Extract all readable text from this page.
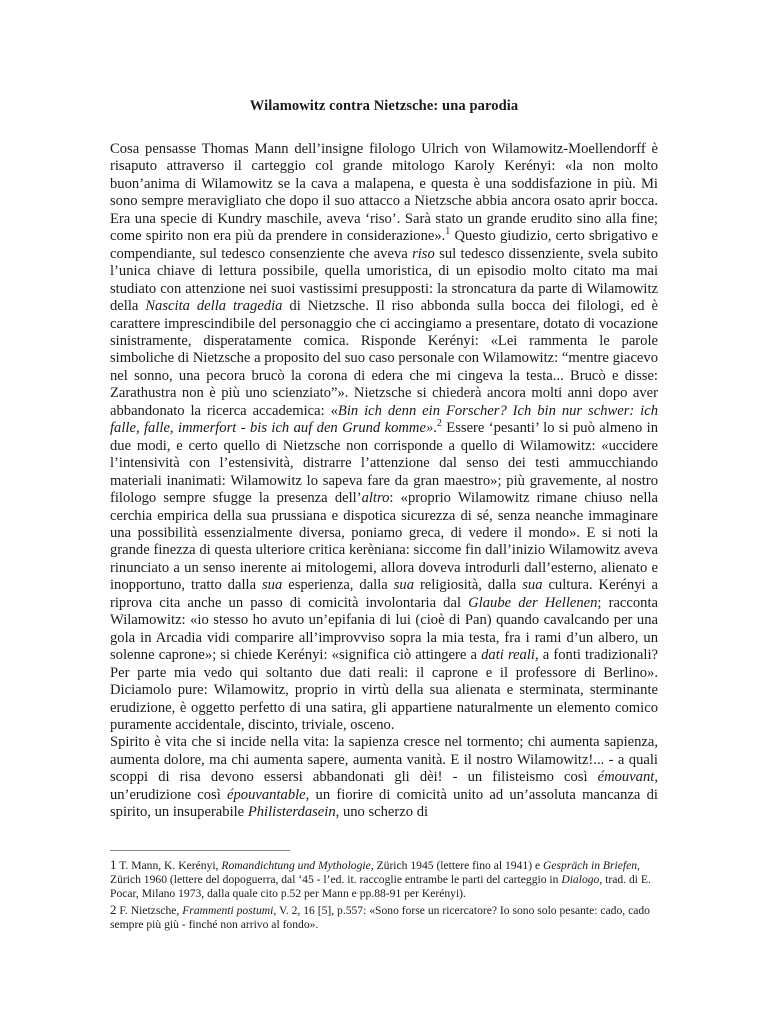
Wilamowitz contra Nietzsche: una parodia

Cosa pensasse Thomas Mann dell’insigne filologo Ulrich von Wilamowitz-Moellendorff è risaputo attraverso il carteggio col grande mitologo Karoly Kerényi: «la non molto buon’anima di Wilamowitz se la cava a malapena, e questa è una soddisfazione in più. Mi sono sempre meravigliato che dopo il suo attacco a Nietzsche abbia ancora osato aprir bocca. Era una specie di Kundry maschile, aveva ‘riso’. Sarà stato un grande erudito sino alla fine; come spirito non era più da prendere in considerazione».$^1$ Questo giudizio, certo sbrigativo e compendiante, sul tedesco consenziente che aveva riso sul tedesco dissenziente, svela subito l’unica chiave di lettura possibile, quella umoristica, di un episodio molto citato ma mai studiato con attenzione nei suoi vastissimi presupposti: la stroncatura da parte di Wilamowitz della Nascita della tragedia di Nietzsche. Il riso abbonda sulla bocca dei filologi, ed è carattere imprescindibile del personaggio che ci accingiamo a presentare, dotato di vocazione sinistramente, disperatamente comica. Risponde Kerényi: «Lei rammenta le parole simboliche di Nietzsche a proposito del suo caso personale con Wilamowitz: “mentre giacevo nel sonno, una pecora brucò la corona di edera che mi cingeva la testa... Brucò e disse: Zarathustra non è più uno scienziato”». Nietzsche si chiederà ancora molti anni dopo aver abbandonato la ricerca accademica: «Bin ich denn ein Forscher? Ich bin nur schwer: ich falle, falle, immerfort - bis ich auf den Grund komme».$^2$ Essere ‘pesanti’ lo si può almeno in due modi, e certo quello di Nietzsche non corrisponde a quello di Wilamowitz: «uccidere l’intensività con l’estensività, distrarre l’attenzione dal senso dei testi ammucchiando materiali inanimati: Wilamowitz lo sapeva fare da gran maestro»; più gravemente, al nostro filologo sempre sfugge la presenza dell’altro: «proprio Wilamowitz rimane chiuso nella cerchia empirica della sua prussiana e dispotica sicurezza di sé, senza neanche immaginare una possibilità essenzialmente diversa, poniamo greca, di vedere il mondo». E si noti la grande finezza di questa ulteriore critica kerèniana: siccome fin dall’inizio Wilamowitz aveva rinunciato a un senso inerente ai mitologemi, allora doveva introdurli dall’esterno, alienato e inopportuno, tratto dalla sua esperienza, dalla sua religiosità, dalla sua cultura. Kerényi a riprova cita anche un passo di comicità involontaria dal Glaube der Hellenen; racconta Wilamowitz: «io stesso ho avuto un’epifania di lui (cioè di Pan) quando cavalcando per una gola in Arcadia vidi comparire all’improvviso sopra la mia testa, fra i rami d’un albero, un solenne caprone»; si chiede Kerényi: «significa ciò attingere a dati reali, a fonti tradizionali? Per parte mia vedo qui soltanto due dati reali: il caprone e il professore di Berlino». Diciamolo pure: Wilamowitz, proprio in virtù della sua alienata e sterminata, sterminante erudizione, è oggetto perfetto di una satira, gli appartiene naturalmente un elemento comico puramente accidentale, discinto, triviale, osceno.

Spirito è vita che si incide nella vita: la sapienza cresce nel tormento; chi aumenta sapienza, aumenta dolore, ma chi aumenta sapere, aumenta vanità. E il nostro Wilamowitz!... - a quali scoppi di risa devono essersi abbandonati gli dèi! - un filisteismo così émouvant, un’erudizione così épouvantable, un fiorire di comicità unito ad un’assoluta mancanza di spirito, un insuperabile Philisterdasein, uno scherzo di

1 T. Mann, K. Kerényi, Romandichtung und Mythologie, Zürich 1945 (lettere fino al 1941) e Gespräch in Briefen, Zürich 1960 (lettere del dopoguerra, dal ‘45 - l’ed. it. raccoglie entrambe le parti del carteggio in Dialogo, trad. di E. Pocar, Milano 1973, dalla quale cito p.52 per Mann e pp.88-91 per Kerényi).

2 F. Nietzsche, Frammenti postumi, V. 2, 16 [5], p.557: «Sono forse un ricercatore? Io sono solo pesante: cado, cado sempre più giù - finché non arrivo al fondo».
